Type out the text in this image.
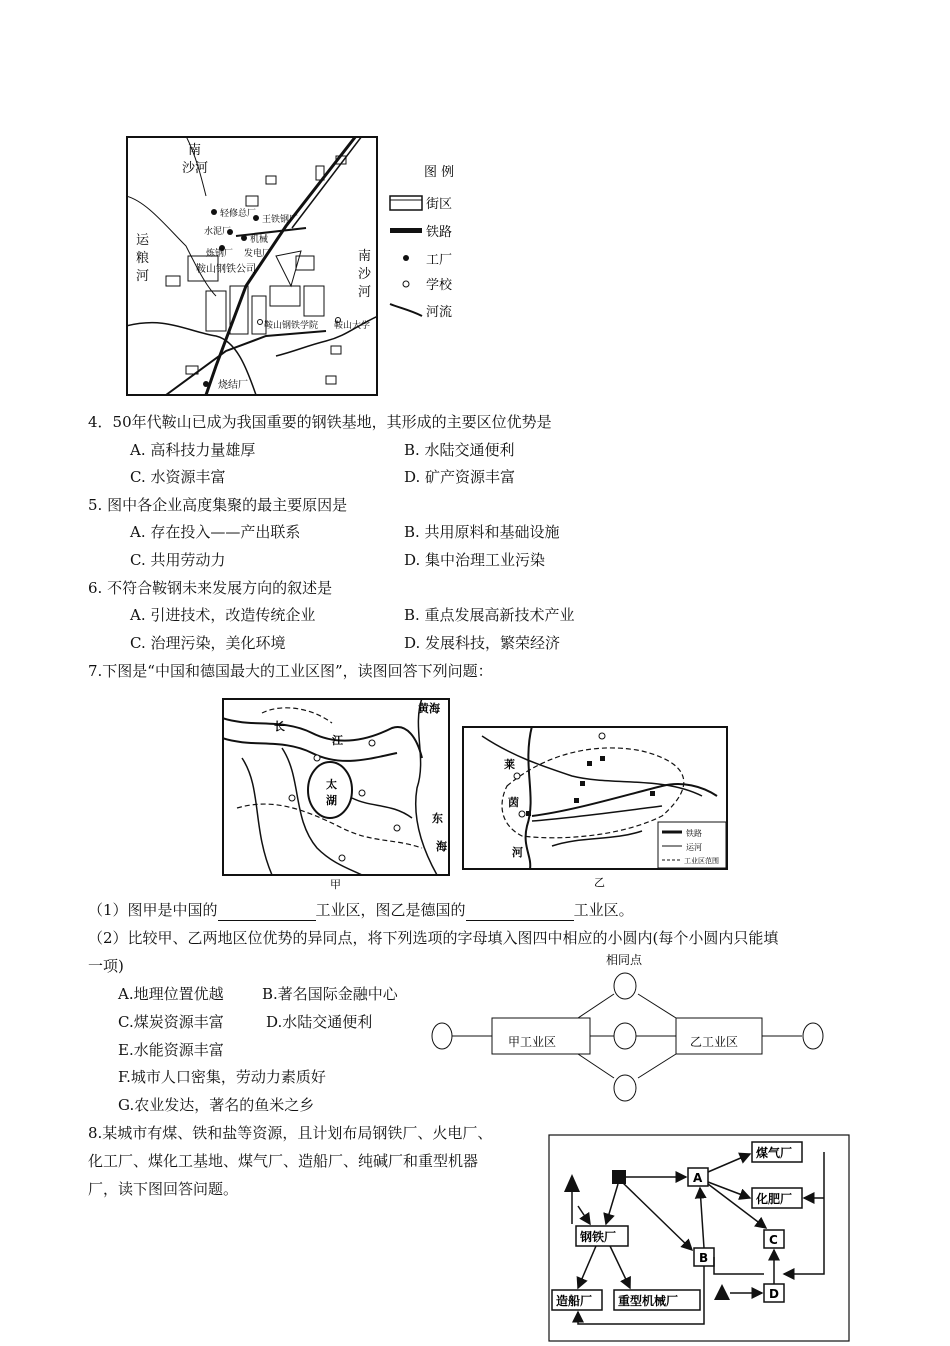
南
沙河
运
粮
河
南
沙
河
轻修总厂
王铁钢厂
水泥厂
机械
炼钢厂 发电厂
鞍山钢铁公司
鞍山钢铁学院 鞍山大学
烧结厂
图 例
街区
铁路
工厂
学校
河流
4．50年代鞍山已成为我国重要的钢铁基地，其形成的主要区位优势是
A. 高科技力量雄厚	B. 水陆交通便利
C. 水资源丰富	D. 矿产资源丰富
5. 图中各企业高度集聚的最主要原因是
A. 存在投入——产出联系	B. 共用原料和基础设施
C. 共用劳动力	D. 集中治理工业污染
6. 不符合鞍钢未来发展方向的叙述是
A. 引进技术，改造传统企业	B. 重点发展高新技术产业
C. 治理污染，美化环境	D. 发展科技，繁荣经济
7.下图是“中国和德国最大的工业区图”，读图回答下列问题：
黄海
长
江
太
湖
东
海
甲
莱
茵
河
铁路
运河
工业区范围
乙
（1）图甲是中国的	工业区，图乙是德国的	工业区。
（2）比较甲、乙两地区位优势的异同点，将下列选项的字母填入图四中相应的小圆内(每个小圆内只能填
一项)
A.地理位置优越	B.著名国际金融中心
C.煤炭资源丰富	D.水陆交通便利
E.水能资源丰富
F.城市人口密集，劳动力素质好
G.农业发达，著名的鱼米之乡
相同点
甲工业区	乙工业区
8.某城市有煤、铁和盐等资源，且计划布局钢铁厂、火电厂、
化工厂、煤化工基地、煤气厂、造船厂、纯碱厂和重型机器
厂，读下图回答问题。
A
煤气厂
化肥厂
钢铁厂
B
C
D
造船厂 重型机械厂
